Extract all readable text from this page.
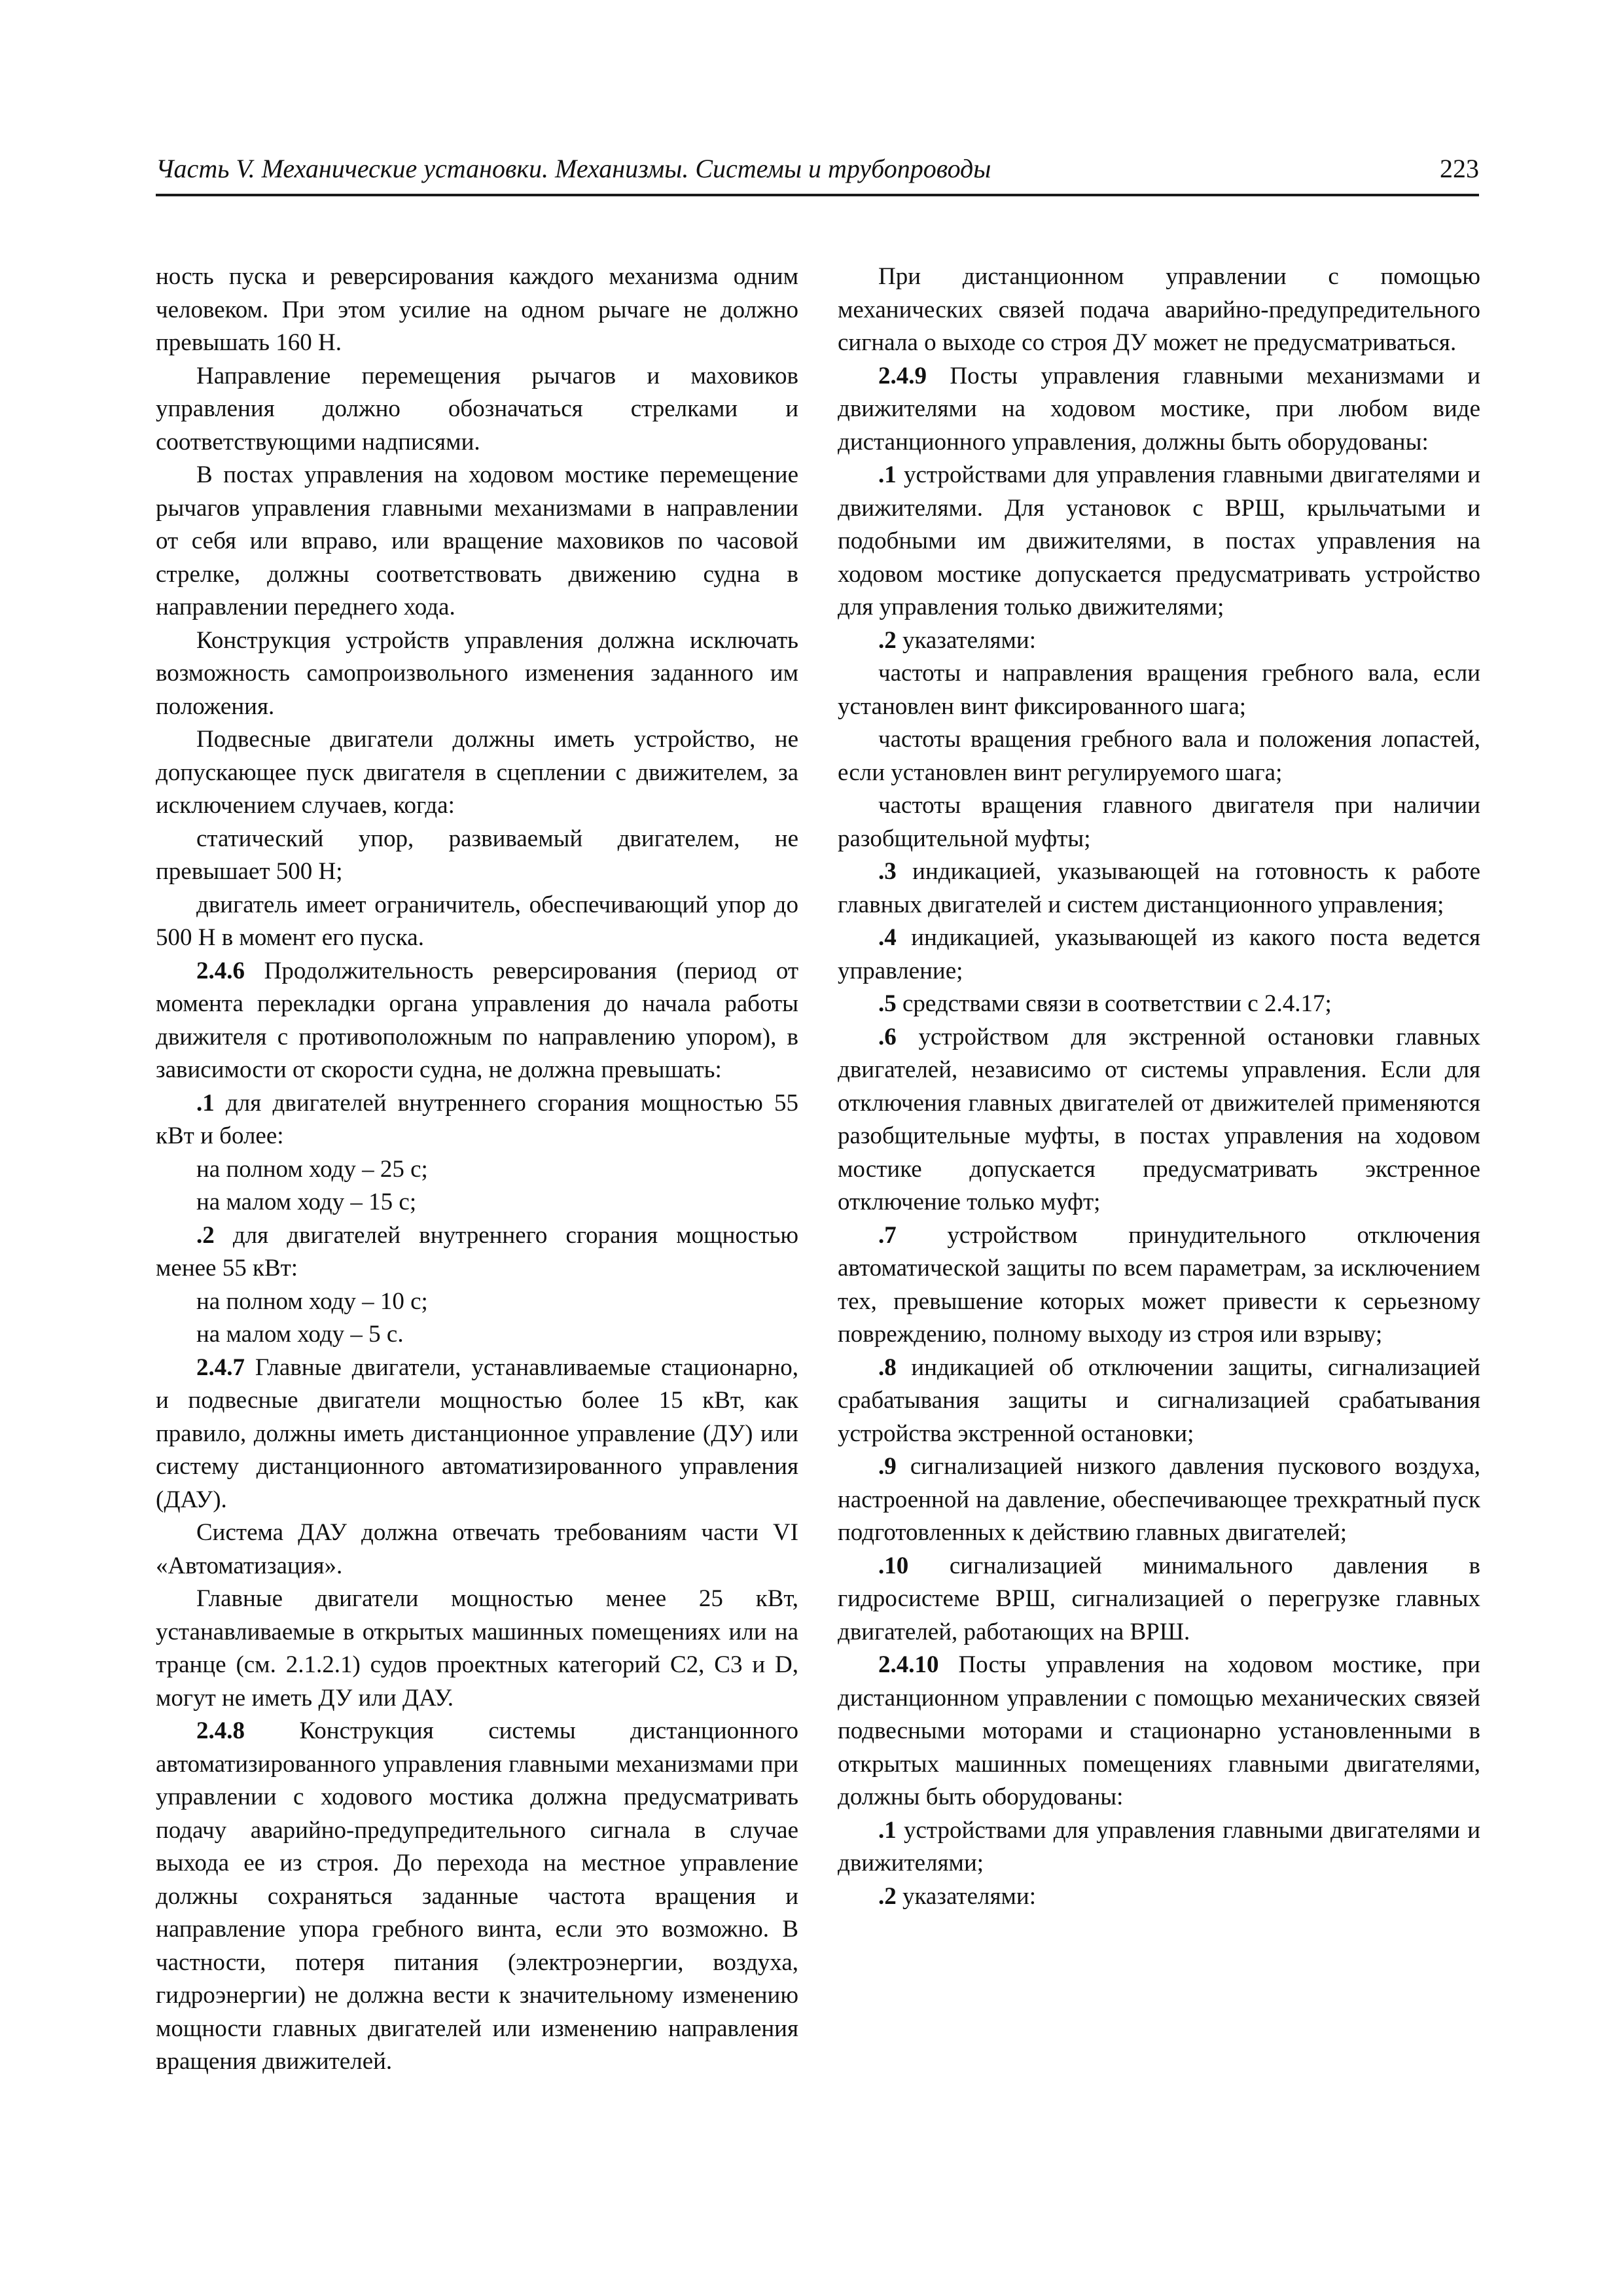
Часть V. Механические установки. Механизмы. Системы и трубопроводы	223

ность пуска и реверсирования каждого механизма одним человеком. При этом усилие на одном рычаге не должно превышать 160 Н.

Направление перемещения рычагов и маховиков управления должно обозначаться стрелками и соответствующими надписями.

В постах управления на ходовом мостике перемещение рычагов управления главными механизмами в направлении от себя или вправо, или вращение маховиков по часовой стрелке, должны соответствовать движению судна в направлении переднего хода.

Конструкция устройств управления должна исключать возможность самопроизвольного изменения заданного им положения.

Подвесные двигатели должны иметь устройство, не допускающее пуск двигателя в сцеплении с движителем, за исключением случаев, когда:

статический упор, развиваемый двигателем, не превышает 500 Н;

двигатель имеет ограничитель, обеспечивающий упор до 500 Н в момент его пуска.

2.4.6 Продолжительность реверсирования (период от момента перекладки органа управления до начала работы движителя с противоположным по направлению упором), в зависимости от скорости судна, не должна превышать:

.1 для двигателей внутреннего сгорания мощностью 55 кВт и более:

на полном ходу – 25 с;

на малом ходу – 15 с;

.2 для двигателей внутреннего сгорания мощностью менее 55 кВт:

на полном ходу – 10 с;

на малом ходу – 5 с.

2.4.7 Главные двигатели, устанавливаемые стационарно, и подвесные двигатели мощностью более 15 кВт, как правило, должны иметь дистанционное управление (ДУ) или систему дистанционного автоматизированного управления (ДАУ).

Система ДАУ должна отвечать требованиям части VI «Автоматизация».

Главные двигатели мощностью менее 25 кВт, устанавливаемые в открытых машинных помещениях или на транце (см. 2.1.2.1) судов проектных категорий С2, С3 и D, могут не иметь ДУ или ДАУ.

2.4.8 Конструкция системы дистанционного автоматизированного управления главными механизмами при управлении с ходового мостика должна предусматривать подачу аварийно-предупредительного сигнала в случае выхода ее из строя. До перехода на местное управление должны сохраняться заданные частота вращения и направление упора гребного винта, если это возможно. В частности, потеря питания (электроэнергии, воздуха, гидроэнергии) не должна вести к значительному изменению мощности главных двигателей или изменению направления вращения движителей.

При дистанционном управлении с помощью механических связей подача аварийно-предупредительного сигнала о выходе со строя ДУ может не предусматриваться.

2.4.9 Посты управления главными механизмами и движителями на ходовом мостике, при любом виде дистанционного управления, должны быть оборудованы:

.1 устройствами для управления главными двигателями и движителями. Для установок с ВРШ, крыльчатыми и подобными им движителями, в постах управления на ходовом мостике допускается предусматривать устройство для управления только движителями;

.2 указателями:

частоты и направления вращения гребного вала, если установлен винт фиксированного шага;

частоты вращения гребного вала и положения лопастей, если установлен винт регулируемого шага;

частоты вращения главного двигателя при наличии разобщительной муфты;

.3 индикацией, указывающей на готовность к работе главных двигателей и систем дистанционного управления;

.4 индикацией, указывающей из какого поста ведется управление;

.5 средствами связи в соответствии с 2.4.17;

.6 устройством для экстренной остановки главных двигателей, независимо от системы управления. Если для отключения главных двигателей от движителей применяются разобщительные муфты, в постах управления на ходовом мостике допускается предусматривать экстренное отключение только муфт;

.7 устройством принудительного отключения автоматической защиты по всем параметрам, за исключением тех, превышение которых может привести к серьезному повреждению, полному выходу из строя или взрыву;

.8 индикацией об отключении защиты, сигнализацией срабатывания защиты и сигнализацией срабатывания устройства экстренной остановки;

.9 сигнализацией низкого давления пускового воздуха, настроенной на давление, обеспечивающее трехкратный пуск подготовленных к действию главных двигателей;

.10 сигнализацией минимального давления в гидросистеме ВРШ, сигнализацией о перегрузке главных двигателей, работающих на ВРШ.

2.4.10 Посты управления на ходовом мостике, при дистанционном управлении с помощью механических связей подвесными моторами и стационарно установленными в открытых машинных помещениях главными двигателями, должны быть оборудованы:

.1 устройствами для управления главными двигателями и движителями;

.2 указателями:
